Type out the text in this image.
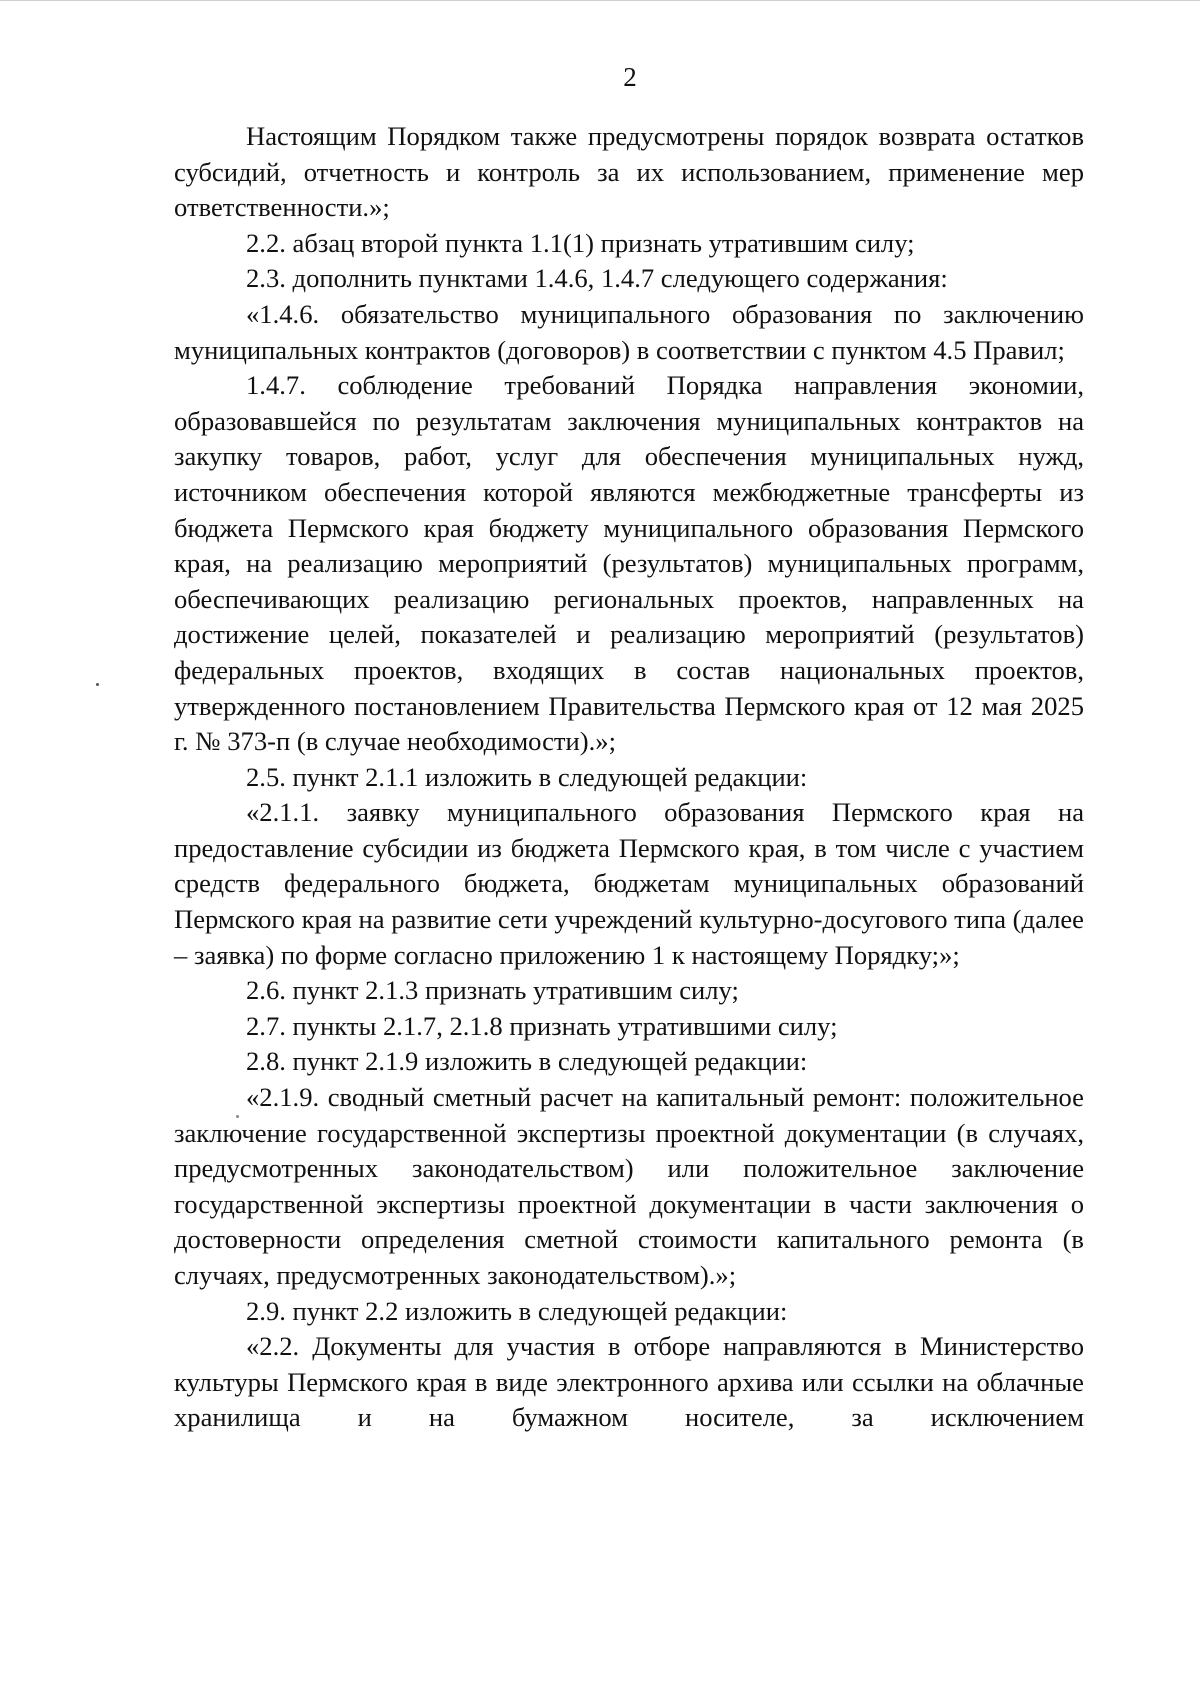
2

Настоящим Порядком также предусмотрены порядок возврата остатков субсидий, отчетность и контроль за их использованием, применение мер ответственности.»;

2.2. абзац второй пункта 1.1(1) признать утратившим силу;

2.3. дополнить пунктами 1.4.6, 1.4.7 следующего содержания:

«1.4.6. обязательство муниципального образования по заключению муниципальных контрактов (договоров) в соответствии с пунктом 4.5 Правил;

1.4.7. соблюдение требований Порядка направления экономии, образовавшейся по результатам заключения муниципальных контрактов на закупку товаров, работ, услуг для обеспечения муниципальных нужд, источником обеспечения которой являются межбюджетные трансферты из бюджета Пермского края бюджету муниципального образования Пермского края, на реализацию мероприятий (результатов) муниципальных программ, обеспечивающих реализацию региональных проектов, направленных на достижение целей, показателей и реализацию мероприятий (результатов) федеральных проектов, входящих в состав национальных проектов, утвержденного постановлением Правительства Пермского края от 12 мая 2025 г. № 373-п (в случае необходимости).»;

2.5. пункт 2.1.1 изложить в следующей редакции:

«2.1.1. заявку муниципального образования Пермского края на предоставление субсидии из бюджета Пермского края, в том числе с участием средств федерального бюджета, бюджетам муниципальных образований Пермского края на развитие сети учреждений культурно-досугового типа (далее – заявка) по форме согласно приложению 1 к настоящему Порядку;»;

2.6. пункт 2.1.3 признать утратившим силу;

2.7. пункты 2.1.7, 2.1.8 признать утратившими силу;

2.8. пункт 2.1.9 изложить в следующей редакции:

«2.1.9. сводный сметный расчет на капитальный ремонт: положительное заключение государственной экспертизы проектной документации (в случаях, предусмотренных законодательством) или положительное заключение государственной экспертизы проектной документации в части заключения о достоверности определения сметной стоимости капитального ремонта (в случаях, предусмотренных законодательством).»;

2.9. пункт 2.2 изложить в следующей редакции:

«2.2. Документы для участия в отборе направляются в Министерство культуры Пермского края в виде электронного архива или ссылки на облачные хранилища и на бумажном носителе, за исключением
